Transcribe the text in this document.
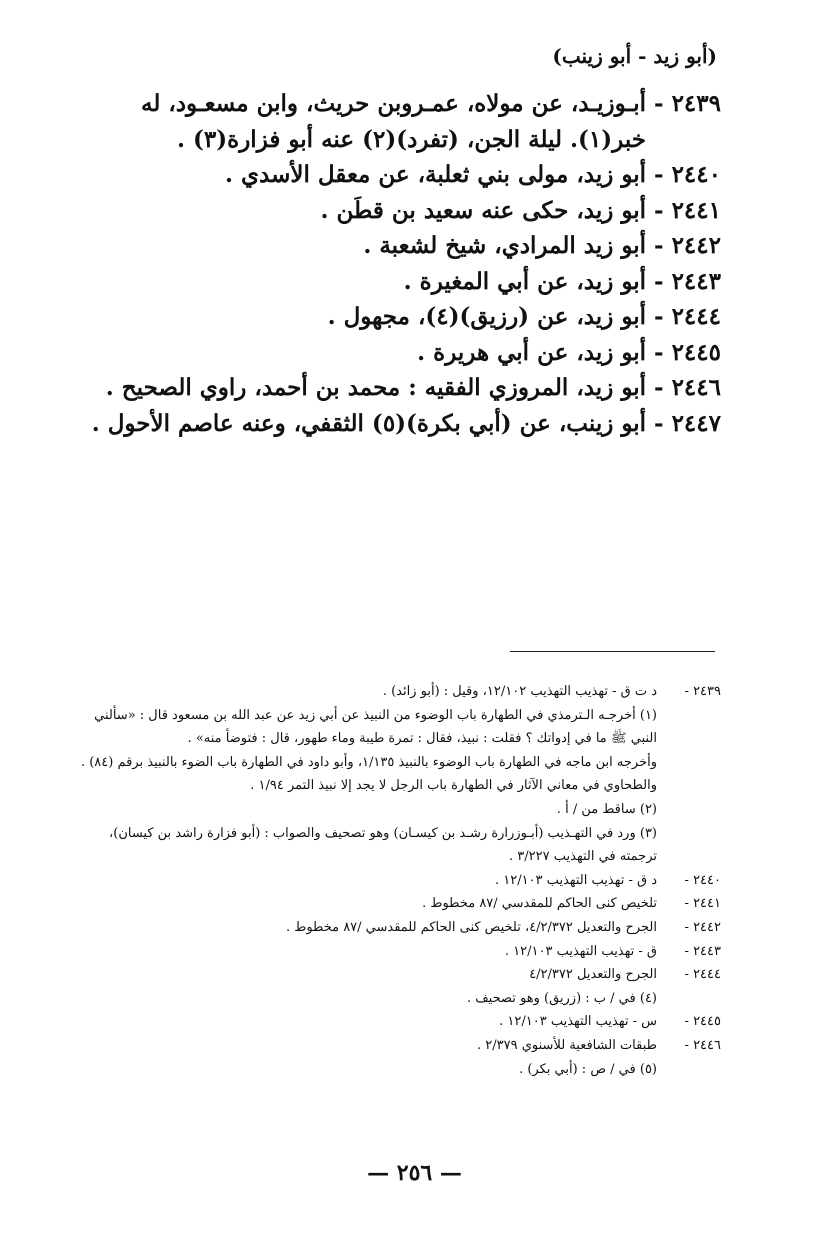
(أبو زيد - أبو زينب)
٢٤٣٩ -
أبـوزيـد، عن مولاه، عمـروبن حريث، وابن مسعـود، له خبر(١). ليلة الجن، (تفرد)(٢) عنه أبو فزارة(٣) .
٢٤٤٠ -
أبو زيد، مولى بني ثعلبة، عن معقل الأسدي .
٢٤٤١ -
أبو زيد، حكى عنه سعيد بن قطَن .
٢٤٤٢ -
أبو زيد المرادي، شيخ لشعبة .
٢٤٤٣ -
أبو زيد، عن أبي المغيرة .
٢٤٤٤ -
أبو زيد، عن (رزيق)(٤)، مجهول .
٢٤٤٥ -
أبو زيد، عن أبي هريرة .
٢٤٤٦ -
أبو زيد، المروزي الفقيه : محمد بن أحمد، راوي الصحيح .
٢٤٤٧ -
أبو زينب، عن (أبي بكرة)(٥) الثقفي، وعنه عاصم الأحول .
٢٤٣٩ -
د ت ق - تهذيب التهذيب ١٢/١٠٢، وقيل : (أبو زائد) .
(١) أخرجـه الـترمذي في الطهارة باب الوضوء من النبيذ عن أبي زيد عن عبد الله بن مسعود قال : «سألني النبي ﷺ ما في إدواتك ؟ فقلت : نبيذ، فقال : تمرة طيبة وماء طهور، قال : فتوضأ منه» .
وأخرجه ابن ماجه في الطهارة باب الوضوء بالنبيذ ١/١٣٥، وأبو داود في الطهارة باب الضوء بالنبيذ برقم (٨٤) .
والطحاوي في معاني الآثار في الطهارة باب الرجل لا يجد إلا نبيذ التمر ١/٩٤ .
(٢) ساقط من / أ .
(٣) ورد في التهـذيب (أبـوزرارة رشـد بن كيسـان) وهو تصحيف والصواب : (أبو فزارة راشد بن كيسان)، ترجمته في التهذيب ٣/٢٢٧ .
٢٤٤٠ -
د ق - تهذيب التهذيب ١٢/١٠٣ .
٢٤٤١ -
تلخيص كنى الحاكم للمقدسي /٨٧ مخطوط .
٢٤٤٢ -
الجرح والتعديل ٤/٢/٣٧٢، تلخيص كنى الحاكم للمقدسي /٨٧ مخطوط .
٢٤٤٣ -
ق - تهذيب التهذيب ١٢/١٠٣ .
٢٤٤٤ -
الجرح والتعديل ٤/٢/٣٧٢
(٤) في / ب : (زريق) وهو تصحيف .
٢٤٤٥ -
س - تهذيب التهذيب ١٢/١٠٣ .
٢٤٤٦ -
طبقات الشافعية للأسنوي ٢/٣٧٩ .
(٥) في / ص : (أبي بكر) .
— ٢٥٦ —
